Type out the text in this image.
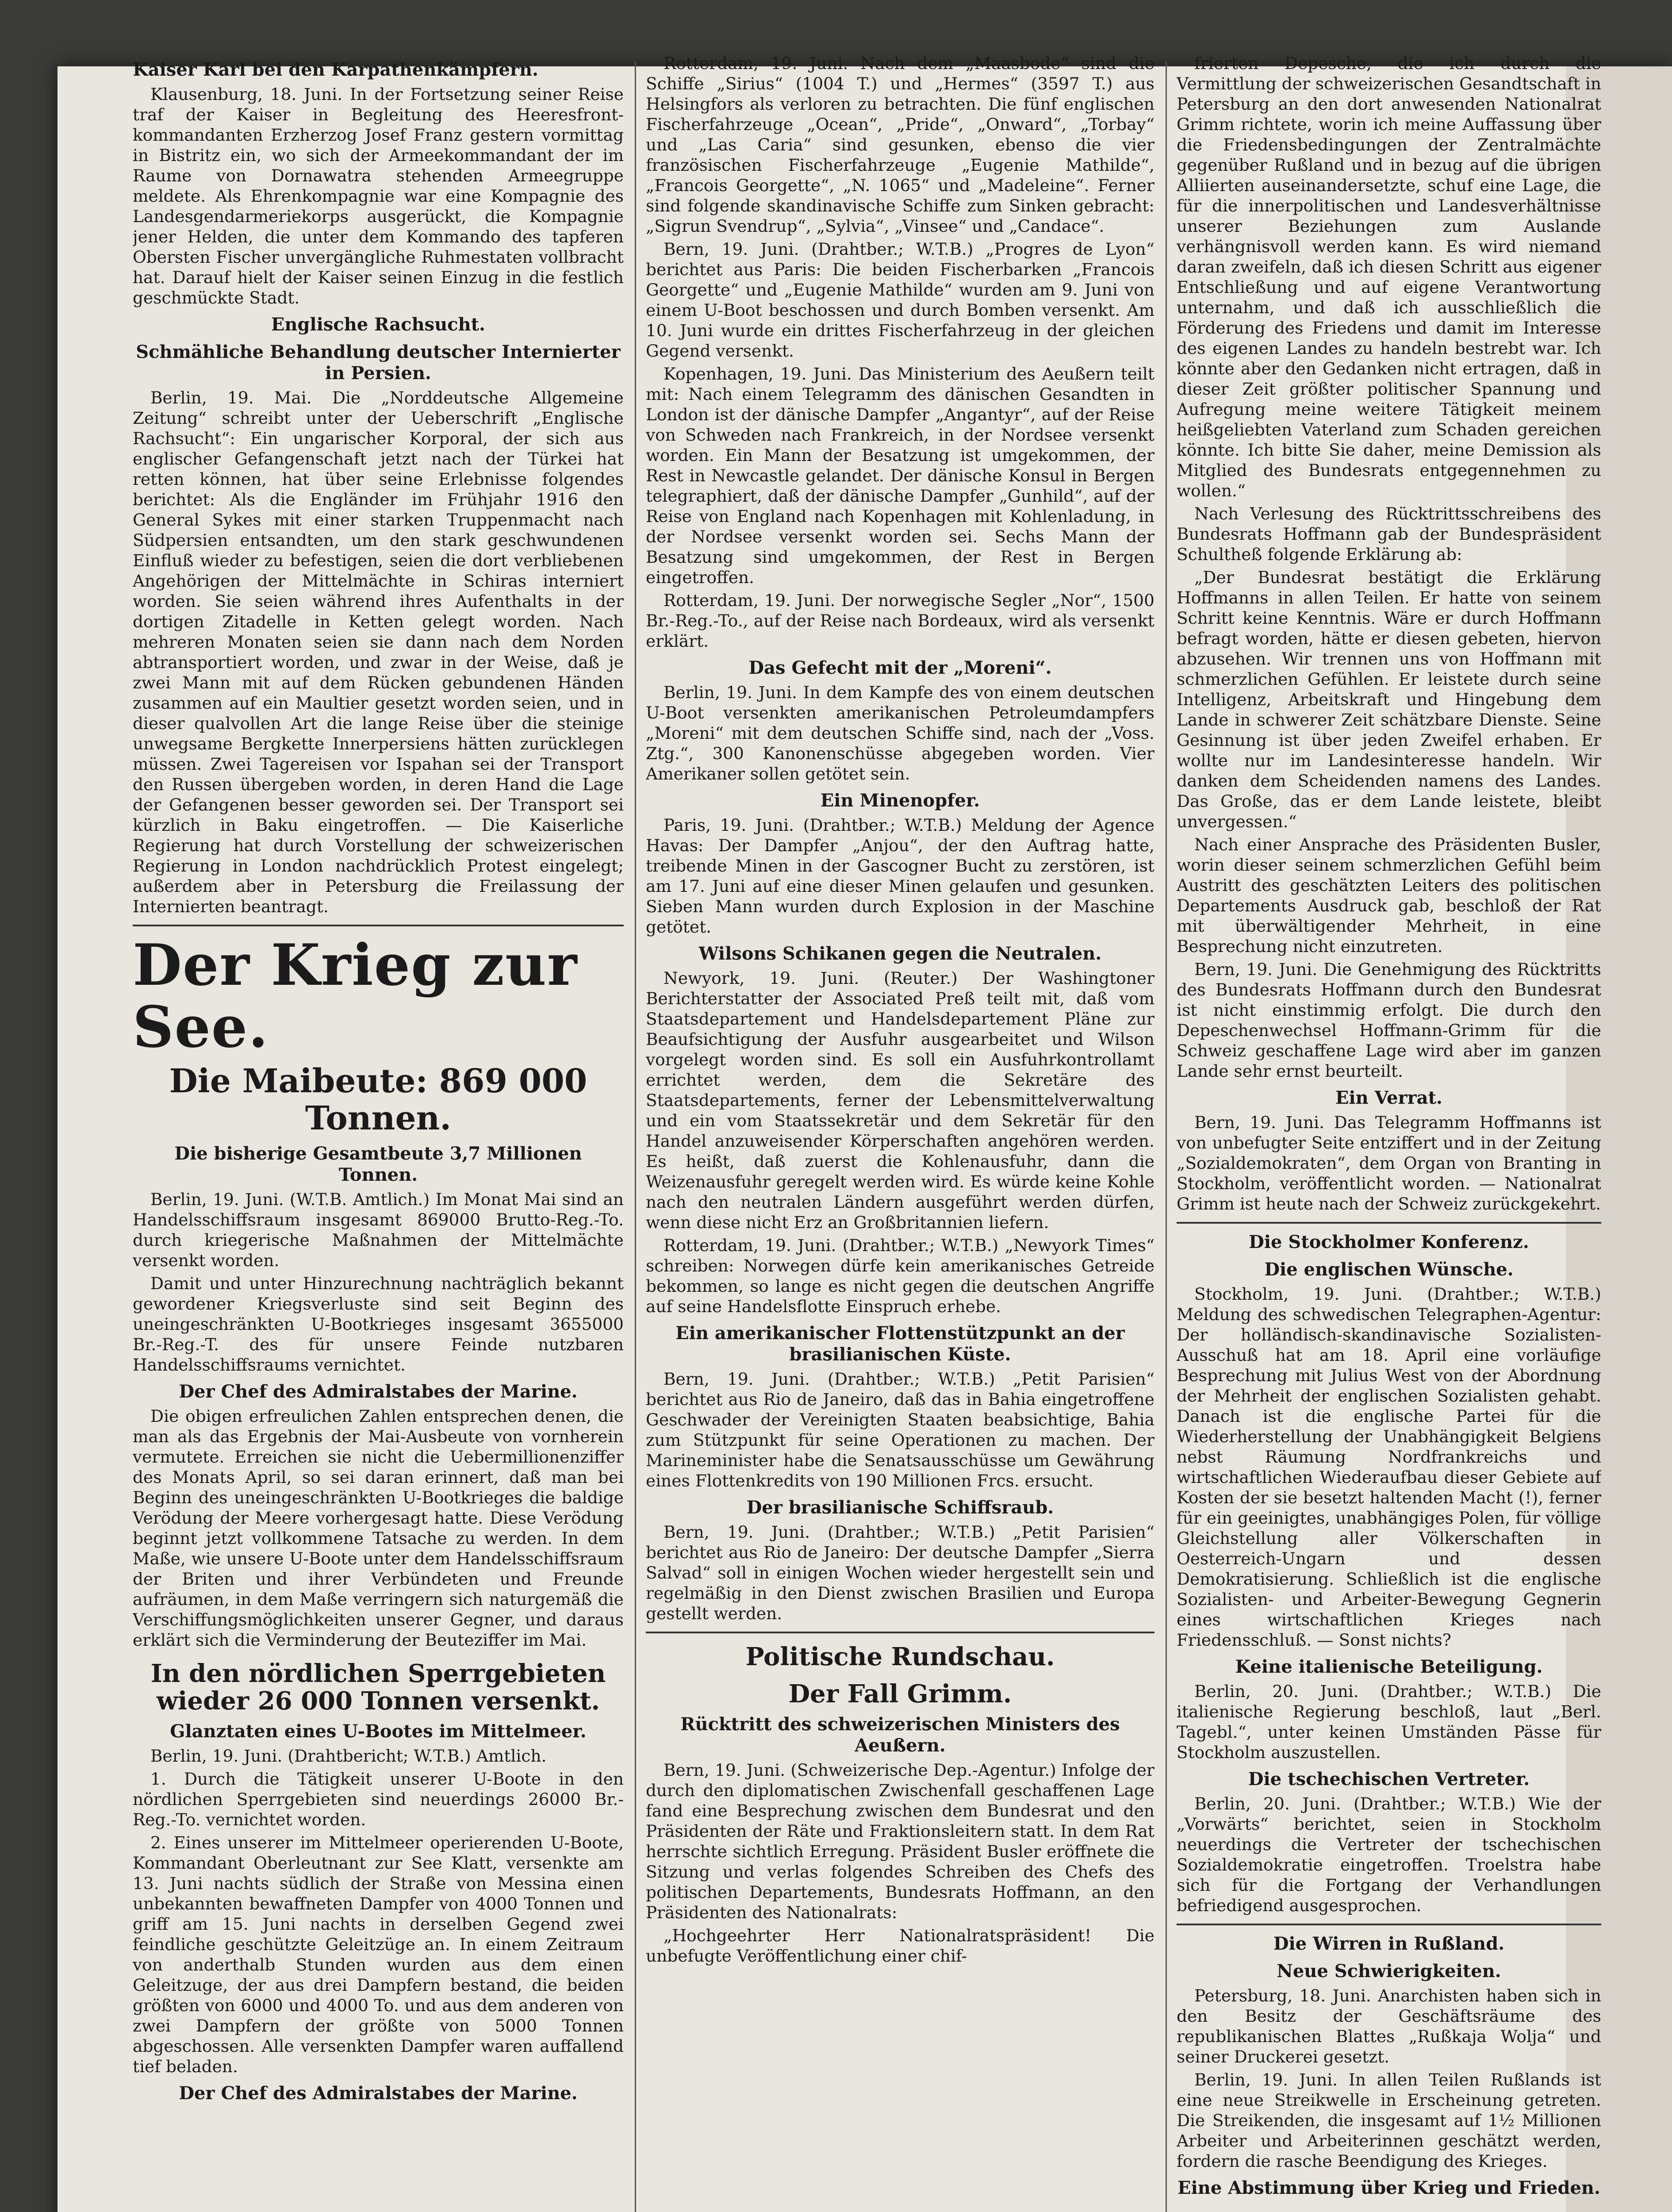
Kaiser Karl bei den Karpathenkämpfern.

Klausenburg, 18. Juni. In der Fortsetzung seiner Reise traf der Kaiser in Begleitung des Heeresfront-kommandanten Erzherzog Josef Franz gestern vormittag in Bistritz ein, wo sich der Armeekommandant der im Raume von Dornawatra stehenden Armeegruppe meldete. Als Ehrenkompagnie war eine Kompagnie des Landesgendarmeriekorps ausgerückt, die Kompagnie jener Helden, die unter dem Kommando des tapferen Obersten Fischer unvergängliche Ruhmestaten vollbracht hat. Darauf hielt der Kaiser seinen Einzug in die festlich geschmückte Stadt.

Englische Rachsucht.
Schmähliche Behandlung deutscher Internierter in Persien.

Berlin, 19. Mai. Die „Norddeutsche Allgemeine Zeitung“ schreibt unter der Ueberschrift „Englische Rachsucht“: Ein ungarischer Korporal, der sich aus englischer Gefangenschaft jetzt nach der Türkei hat retten können, hat über seine Erlebnisse folgendes berichtet: Als die Engländer im Frühjahr 1916 den General Sykes mit einer starken Truppenmacht nach Südpersien entsandten, um den stark geschwundenen Einfluß wieder zu befestigen, seien die dort verbliebenen Angehörigen der Mittelmächte in Schiras interniert worden. Sie seien während ihres Aufenthalts in der dortigen Zitadelle in Ketten gelegt worden. Nach mehreren Monaten seien sie dann nach dem Norden abtransportiert worden, und zwar in der Weise, daß je zwei Mann mit auf dem Rücken gebundenen Händen zusammen auf ein Maultier gesetzt worden seien, und in dieser qualvollen Art die lange Reise über die steinige unwegsame Bergkette Innerpersiens hätten zurücklegen müssen. Zwei Tagereisen vor Ispahan sei der Transport den Russen übergeben worden, in deren Hand die Lage der Gefangenen besser geworden sei. Der Transport sei kürzlich in Baku eingetroffen. — Die Kaiserliche Regierung hat durch Vorstellung der schweizerischen Regierung in London nachdrücklich Protest eingelegt; außerdem aber in Petersburg die Freilassung der Internierten beantragt.

Der Krieg zur See.
Die Maibeute: 869 000 Tonnen.
Die bisherige Gesamtbeute 3,7 Millionen Tonnen.

Berlin, 19. Juni. (W.T.B. Amtlich.) Im Monat Mai sind an Handelsschiffsraum insgesamt 869000 Brutto-Reg.-To. durch kriegerische Maßnahmen der Mittelmächte versenkt worden.

Damit und unter Hinzurechnung nachträglich bekannt gewordener Kriegsverluste sind seit Beginn des uneingeschränkten U-Bootkrieges insgesamt 3655000 Br.-Reg.-T. des für unsere Feinde nutzbaren Handelsschiffsraums vernichtet.

Der Chef des Admiralstabes der Marine.

Die obigen erfreulichen Zahlen entsprechen denen, die man als das Ergebnis der Mai-Ausbeute von vornherein vermutete. Erreichen sie nicht die Uebermillionenziffer des Monats April, so sei daran erinnert, daß man bei Beginn des uneingeschränkten U-Bootkrieges die baldige Verödung der Meere vorhergesagt hatte. Diese Verödung beginnt jetzt vollkommene Tatsache zu werden. In dem Maße, wie unsere U-Boote unter dem Handelsschiffsraum der Briten und ihrer Verbündeten und Freunde aufräumen, in dem Maße verringern sich naturgemäß die Verschiffungsmöglichkeiten unserer Gegner, und daraus erklärt sich die Verminderung der Beuteziffer im Mai.

In den nördlichen Sperrgebieten wieder 26 000 Tonnen versenkt.
Glanztaten eines U-Bootes im Mittelmeer.

Berlin, 19. Juni. (Drahtbericht; W.T.B.) Amtlich.

1. Durch die Tätigkeit unserer U-Boote in den nördlichen Sperrgebieten sind neuerdings 26000 Br.-Reg.-To. vernichtet worden.

2. Eines unserer im Mittelmeer operierenden U-Boote, Kommandant Oberleutnant zur See Klatt, versenkte am 13. Juni nachts südlich der Straße von Messina einen unbekannten bewaffneten Dampfer von 4000 Tonnen und griff am 15. Juni nachts in derselben Gegend zwei feindliche geschützte Geleitzüge an. In einem Zeitraum von anderthalb Stunden wurden aus dem einen Geleitzuge, der aus drei Dampfern bestand, die beiden größten von 6000 und 4000 To. und aus dem anderen von zwei Dampfern der größte von 5000 Tonnen abgeschossen. Alle versenkten Dampfer waren auffallend tief beladen.

Der Chef des Admiralstabes der Marine.

Rotterdam, 19. Juni. Nach dem „Maasbode“ sind die Schiffe „Sirius“ (1004 T.) und „Hermes“ (3597 T.) aus Helsingfors als verloren zu betrachten. Die fünf englischen Fischerfahrzeuge „Ocean“, „Pride“, „Onward“, „Torbay“ und „Las Caria“ sind gesunken, ebenso die vier französischen Fischerfahrzeuge „Eugenie Mathilde“, „Francois Georgette“, „N. 1065“ und „Madeleine“. Ferner sind folgende skandinavische Schiffe zum Sinken gebracht: „Sigrun Svendrup“, „Sylvia“, „Vinsee“ und „Candace“.

Bern, 19. Juni. (Drahtber.; W.T.B.) „Progres de Lyon“ berichtet aus Paris: Die beiden Fischerbarken „Francois Georgette“ und „Eugenie Mathilde“ wurden am 9. Juni von einem U-Boot beschossen und durch Bomben versenkt. Am 10. Juni wurde ein drittes Fischerfahrzeug in der gleichen Gegend versenkt.

Kopenhagen, 19. Juni. Das Ministerium des Aeußern teilt mit: Nach einem Telegramm des dänischen Gesandten in London ist der dänische Dampfer „Angantyr“, auf der Reise von Schweden nach Frankreich, in der Nordsee versenkt worden. Ein Mann der Besatzung ist umgekommen, der Rest in Newcastle gelandet. Der dänische Konsul in Bergen telegraphiert, daß der dänische Dampfer „Gunhild“, auf der Reise von England nach Kopenhagen mit Kohlenladung, in der Nordsee versenkt worden sei. Sechs Mann der Besatzung sind umgekommen, der Rest in Bergen eingetroffen.

Rotterdam, 19. Juni. Der norwegische Segler „Nor“, 1500 Br.-Reg.-To., auf der Reise nach Bordeaux, wird als versenkt erklärt.

Das Gefecht mit der „Moreni“.

Berlin, 19. Juni. In dem Kampfe des von einem deutschen U-Boot versenkten amerikanischen Petroleumdampfers „Moreni“ mit dem deutschen Schiffe sind, nach der „Voss. Ztg.“, 300 Kanonenschüsse abgegeben worden. Vier Amerikaner sollen getötet sein.

Ein Minenopfer.

Paris, 19. Juni. (Drahtber.; W.T.B.) Meldung der Agence Havas: Der Dampfer „Anjou“, der den Auftrag hatte, treibende Minen in der Gascogner Bucht zu zerstören, ist am 17. Juni auf eine dieser Minen gelaufen und gesunken. Sieben Mann wurden durch Explosion in der Maschine getötet.

Wilsons Schikanen gegen die Neutralen.

Newyork, 19. Juni. (Reuter.) Der Washingtoner Berichterstatter der Associated Preß teilt mit, daß vom Staatsdepartement und Handelsdepartement Pläne zur Beaufsichtigung der Ausfuhr ausgearbeitet und Wilson vorgelegt worden sind. Es soll ein Ausfuhrkontrollamt errichtet werden, dem die Sekretäre des Staatsdepartements, ferner der Lebensmittelverwaltung und ein vom Staatssekretär und dem Sekretär für den Handel anzuweisender Körperschaften angehören werden. Es heißt, daß zuerst die Kohlenausfuhr, dann die Weizenausfuhr geregelt werden wird. Es würde keine Kohle nach den neutralen Ländern ausgeführt werden dürfen, wenn diese nicht Erz an Großbritannien liefern.

Rotterdam, 19. Juni. (Drahtber.; W.T.B.) „Newyork Times“ schreiben: Norwegen dürfe kein amerikanisches Getreide bekommen, so lange es nicht gegen die deutschen Angriffe auf seine Handelsflotte Einspruch erhebe.

Ein amerikanischer Flottenstützpunkt an der brasilianischen Küste.

Bern, 19. Juni. (Drahtber.; W.T.B.) „Petit Parisien“ berichtet aus Rio de Janeiro, daß das in Bahia eingetroffene Geschwader der Vereinigten Staaten beabsichtige, Bahia zum Stützpunkt für seine Operationen zu machen. Der Marineminister habe die Senatsausschüsse um Gewährung eines Flottenkredits von 190 Millionen Frcs. ersucht.

Der brasilianische Schiffsraub.

Bern, 19. Juni. (Drahtber.; W.T.B.) „Petit Parisien“ berichtet aus Rio de Janeiro: Der deutsche Dampfer „Sierra Salvad“ soll in einigen Wochen wieder hergestellt sein und regelmäßig in den Dienst zwischen Brasilien und Europa gestellt werden.

Politische Rundschau.
Der Fall Grimm.
Rücktritt des schweizerischen Ministers des Aeußern.

Bern, 19. Juni. (Schweizerische Dep.-Agentur.) Infolge der durch den diplomatischen Zwischenfall geschaffenen Lage fand eine Besprechung zwischen dem Bundesrat und den Präsidenten der Räte und Fraktionsleitern statt. In dem Rat herrschte sichtlich Erregung. Präsident Busler eröffnete die Sitzung und verlas folgendes Schreiben des Chefs des politischen Departements, Bundesrats Hoffmann, an den Präsidenten des Nationalrats:

„Hochgeehrter Herr Nationalratspräsident! Die unbefugte Veröffentlichung einer chif-

frierten Depesche, die ich durch die Vermittlung der schweizerischen Gesandtschaft in Petersburg an den dort anwesenden Nationalrat Grimm richtete, worin ich meine Auffassung über die Friedensbedingungen der Zentralmächte gegenüber Rußland und in bezug auf die übrigen Alliierten auseinandersetzte, schuf eine Lage, die für die innerpolitischen und Landesverhältnisse unserer Beziehungen zum Auslande verhängnisvoll werden kann. Es wird niemand daran zweifeln, daß ich diesen Schritt aus eigener Entschließung und auf eigene Verantwortung unternahm, und daß ich ausschließlich die Förderung des Friedens und damit im Interesse des eigenen Landes zu handeln bestrebt war. Ich könnte aber den Gedanken nicht ertragen, daß in dieser Zeit größter politischer Spannung und Aufregung meine weitere Tätigkeit meinem heißgeliebten Vaterland zum Schaden gereichen könnte. Ich bitte Sie daher, meine Demission als Mitglied des Bundesrats entgegennehmen zu wollen.“

Nach Verlesung des Rücktrittsschreibens des Bundesrats Hoffmann gab der Bundespräsident Schultheß folgende Erklärung ab:

„Der Bundesrat bestätigt die Erklärung Hoffmanns in allen Teilen. Er hatte von seinem Schritt keine Kenntnis. Wäre er durch Hoffmann befragt worden, hätte er diesen gebeten, hiervon abzusehen. Wir trennen uns von Hoffmann mit schmerzlichen Gefühlen. Er leistete durch seine Intelligenz, Arbeitskraft und Hingebung dem Lande in schwerer Zeit schätzbare Dienste. Seine Gesinnung ist über jeden Zweifel erhaben. Er wollte nur im Landesinteresse handeln. Wir danken dem Scheidenden namens des Landes. Das Große, das er dem Lande leistete, bleibt unvergessen.“

Nach einer Ansprache des Präsidenten Busler, worin dieser seinem schmerzlichen Gefühl beim Austritt des geschätzten Leiters des politischen Departements Ausdruck gab, beschloß der Rat mit überwältigender Mehrheit, in eine Besprechung nicht einzutreten.

Bern, 19. Juni. Die Genehmigung des Rücktritts des Bundesrats Hoffmann durch den Bundesrat ist nicht einstimmig erfolgt. Die durch den Depeschenwechsel Hoffmann-Grimm für die Schweiz geschaffene Lage wird aber im ganzen Lande sehr ernst beurteilt.

Ein Verrat.

Bern, 19. Juni. Das Telegramm Hoffmanns ist von unbefugter Seite entziffert und in der Zeitung „Sozialdemokraten“, dem Organ von Branting in Stockholm, veröffentlicht worden. — Nationalrat Grimm ist heute nach der Schweiz zurückgekehrt.

Die Stockholmer Konferenz.
Die englischen Wünsche.

Stockholm, 19. Juni. (Drahtber.; W.T.B.) Meldung des schwedischen Telegraphen-Agentur: Der holländisch-skandinavische Sozialisten-Ausschuß hat am 18. April eine vorläufige Besprechung mit Julius West von der Abordnung der Mehrheit der englischen Sozialisten gehabt. Danach ist die englische Partei für die Wiederherstellung der Unabhängigkeit Belgiens nebst Räumung Nordfrankreichs und wirtschaftlichen Wiederaufbau dieser Gebiete auf Kosten der sie besetzt haltenden Macht (!), ferner für ein geeinigtes, unabhängiges Polen, für völlige Gleichstellung aller Völkerschaften in Oesterreich-Ungarn und dessen Demokratisierung. Schließlich ist die englische Sozialisten- und Arbeiter-Bewegung Gegnerin eines wirtschaftlichen Krieges nach Friedensschluß. — Sonst nichts?

Keine italienische Beteiligung.

Berlin, 20. Juni. (Drahtber.; W.T.B.) Die italienische Regierung beschloß, laut „Berl. Tagebl.“, unter keinen Umständen Pässe für Stockholm auszustellen.

Die tschechischen Vertreter.

Berlin, 20. Juni. (Drahtber.; W.T.B.) Wie der „Vorwärts“ berichtet, seien in Stockholm neuerdings die Vertreter der tschechischen Sozialdemokratie eingetroffen. Troelstra habe sich für die Fortgang der Verhandlungen befriedigend ausgesprochen.

Die Wirren in Rußland.
Neue Schwierigkeiten.

Petersburg, 18. Juni. Anarchisten haben sich in den Besitz der Geschäftsräume des republikanischen Blattes „Rußkaja Wolja“ und seiner Druckerei gesetzt.

Berlin, 19. Juni. In allen Teilen Rußlands ist eine neue Streikwelle in Erscheinung getreten. Die Streikenden, die insgesamt auf 1½ Millionen Arbeiter und Arbeiterinnen geschätzt werden, fordern die rasche Beendigung des Krieges.

Eine Abstimmung über Krieg und Frieden.
